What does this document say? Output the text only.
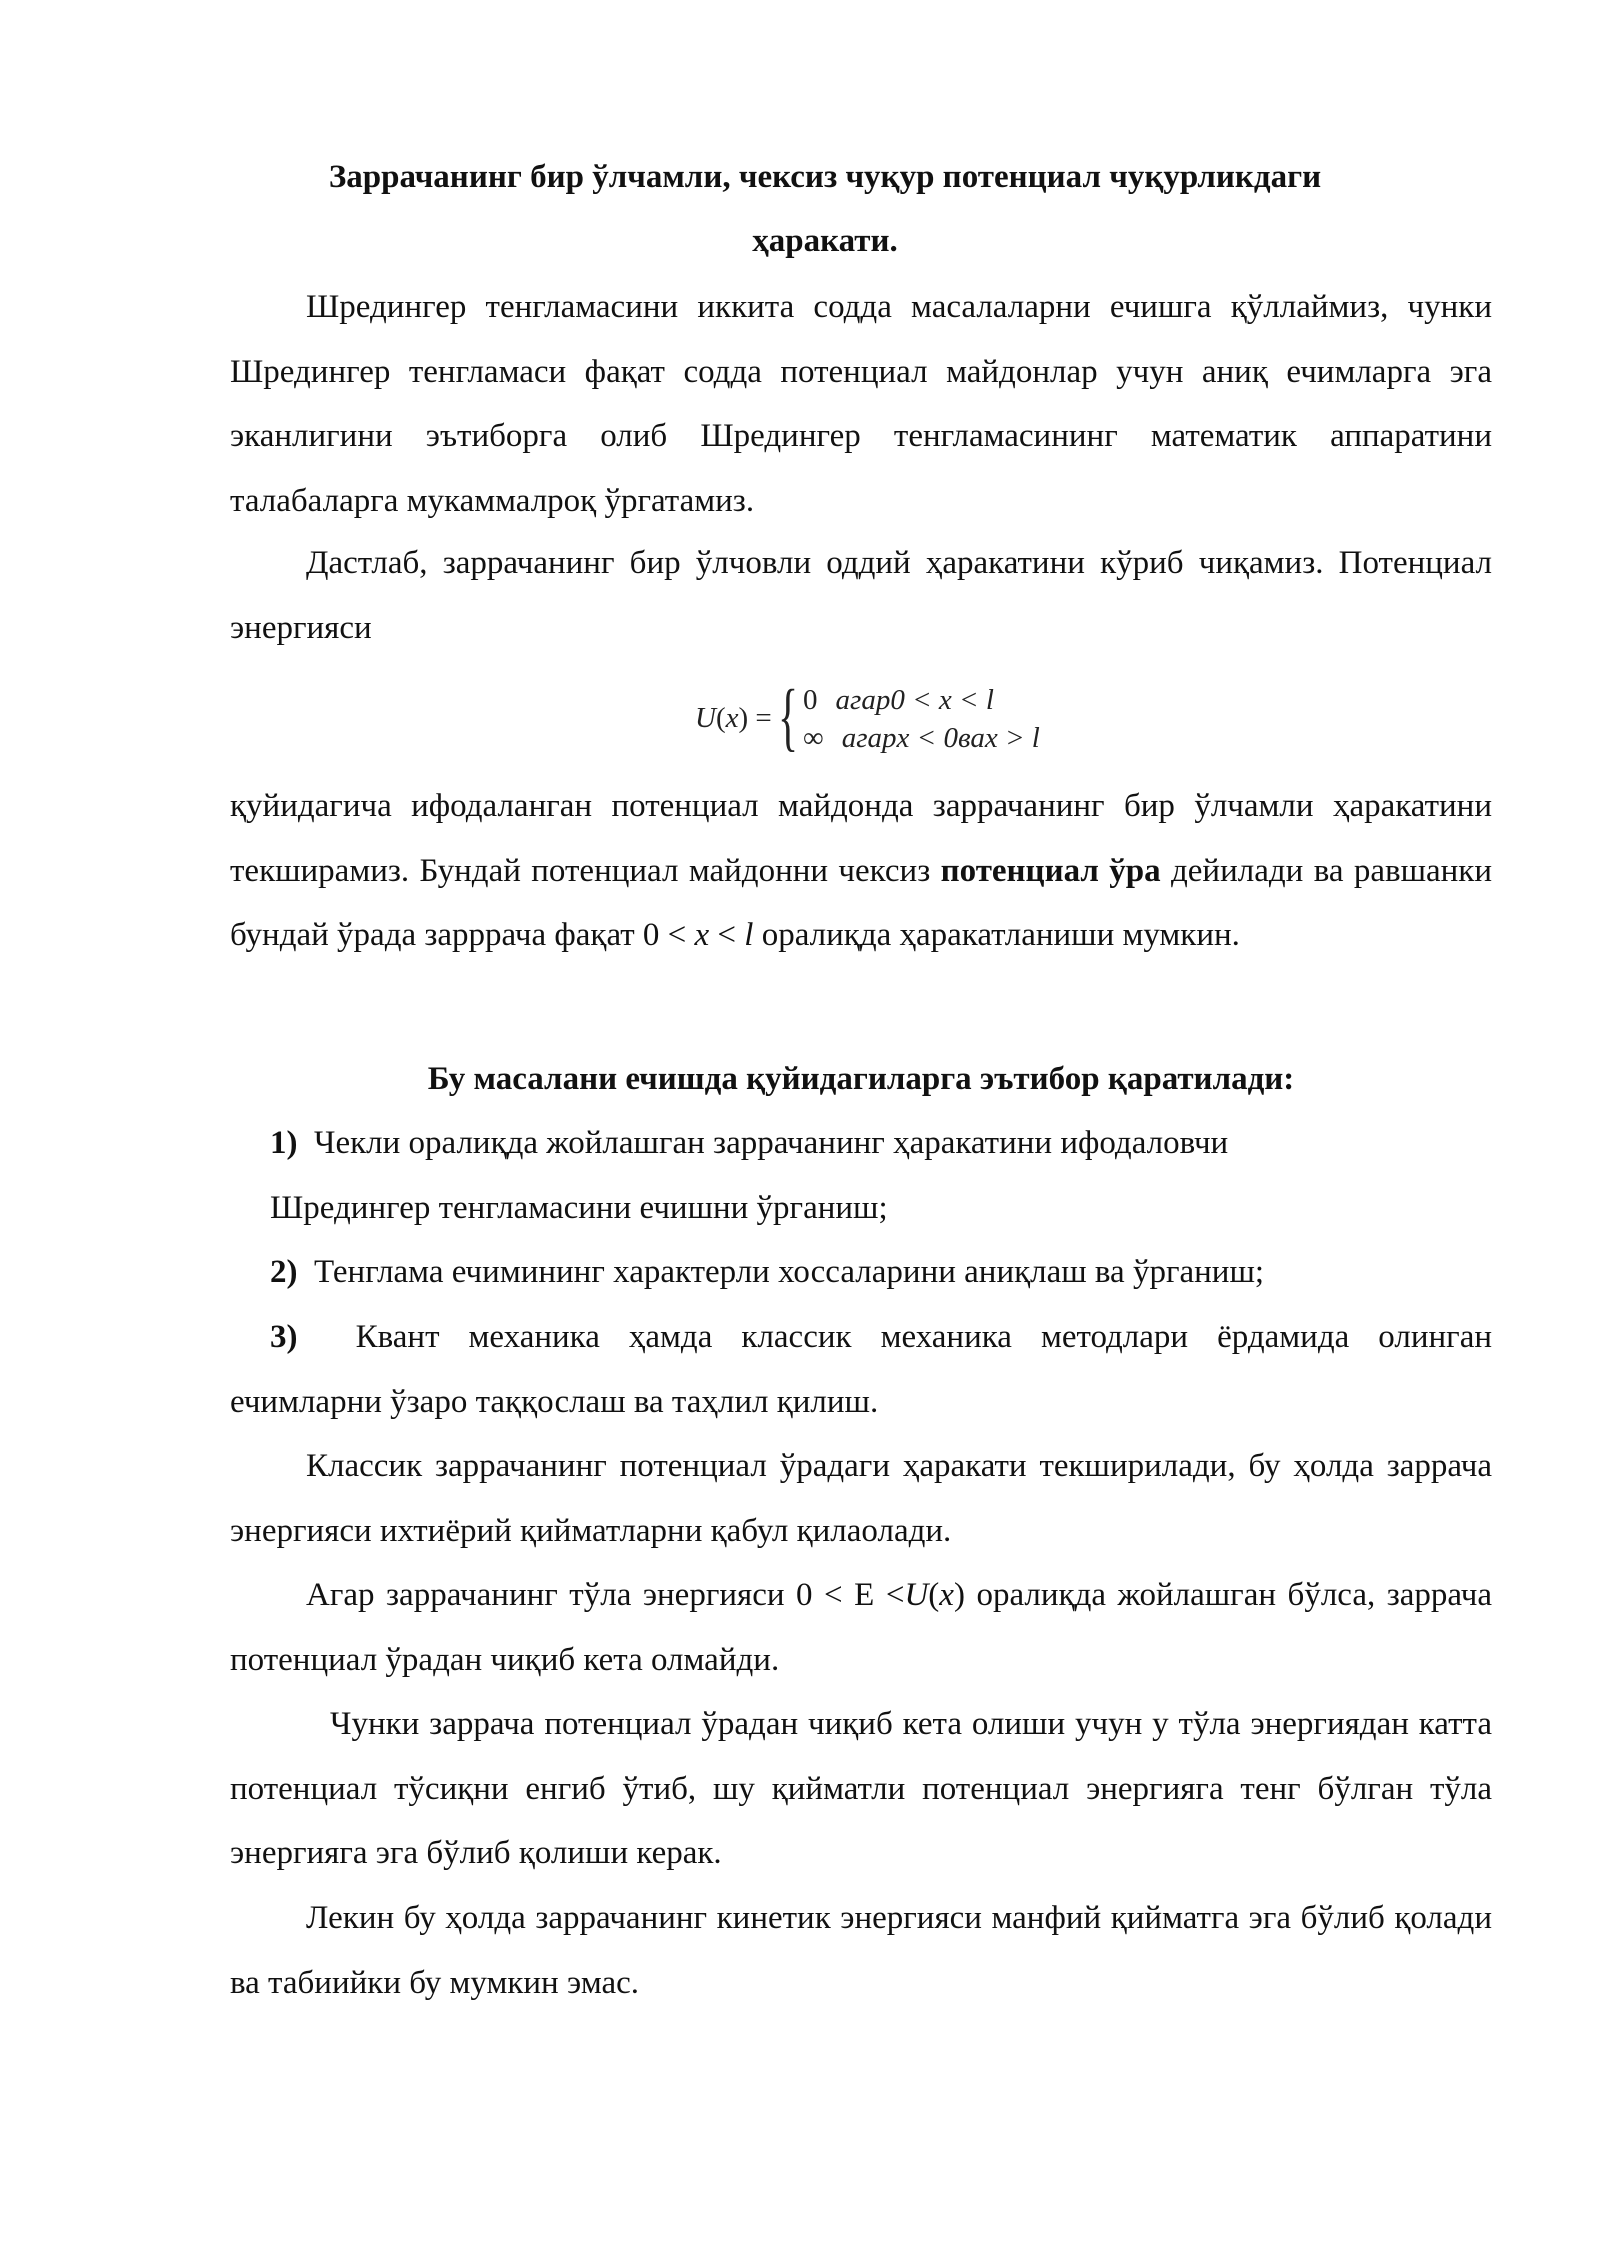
Заррачанинг бир ўлчамли, чексиз чуқур потенциал чуқурликдаги
ҳаракати.
Шредингер тенгламасини иккита содда масалаларни ечишга қўллаймиз, чунки Шредингер тенгламаси фақат содда потенциал майдонлар учун аниқ ечимларга эга эканлигини эътиборга олиб Шредингер тенгламасининг математик аппаратини талабаларга мукаммалроқ ўргатамиз.
Дастлаб, заррачанинг бир ўлчовли оддий ҳаракатини кўриб чиқамиз. Потенциал энергияси
U(x) = { 0 агар0 < x < l
∞ агарx < 0вах > l
қуйидагича ифодаланган потенциал майдонда заррачанинг бир ўлчамли ҳаракатини текширамиз. Бундай потенциал майдонни чексиз потенциал ўра дейилади ва равшанки бундай ўрада зарррача фақат 0 < x < l оралиқда ҳаракатланиши мумкин.
Бу масалани ечишда қуйидагиларга эътибор қаратилади:
1) Чекли оралиқда жойлашган заррачанинг ҳаракатини ифодаловчи
Шредингер тенгламасини ечишни ўрганиш;
2) Тенглама ечимининг характерли хоссаларини аниқлаш ва ўрганиш;
3) Квант механика ҳамда классик механика методлари ёрдамида олинган
ечимларни ўзаро таққослаш ва таҳлил қилиш.
Классик заррачанинг потенциал ўрадаги ҳаракати текширилади, бу ҳолда заррача энергияси ихтиёрий қийматларни қабул қилаолади.
Агар заррачанинг тўла энергияси 0 < E <U(x) оралиқда жойлашган бўлса, заррача потенциал ўрадан чиқиб кета олмайди.
Чунки заррача потенциал ўрадан чиқиб кета олиши учун у тўла энергиядан катта потенциал тўсиқни енгиб ўтиб, шу қийматли потенциал энергияга тенг бўлган тўла энергияга эга бўлиб қолиши керак.
Лекин бу ҳолда заррачанинг кинетик энергияси манфий қийматга эга бўлиб қолади ва табиийки бу мумкин эмас.
